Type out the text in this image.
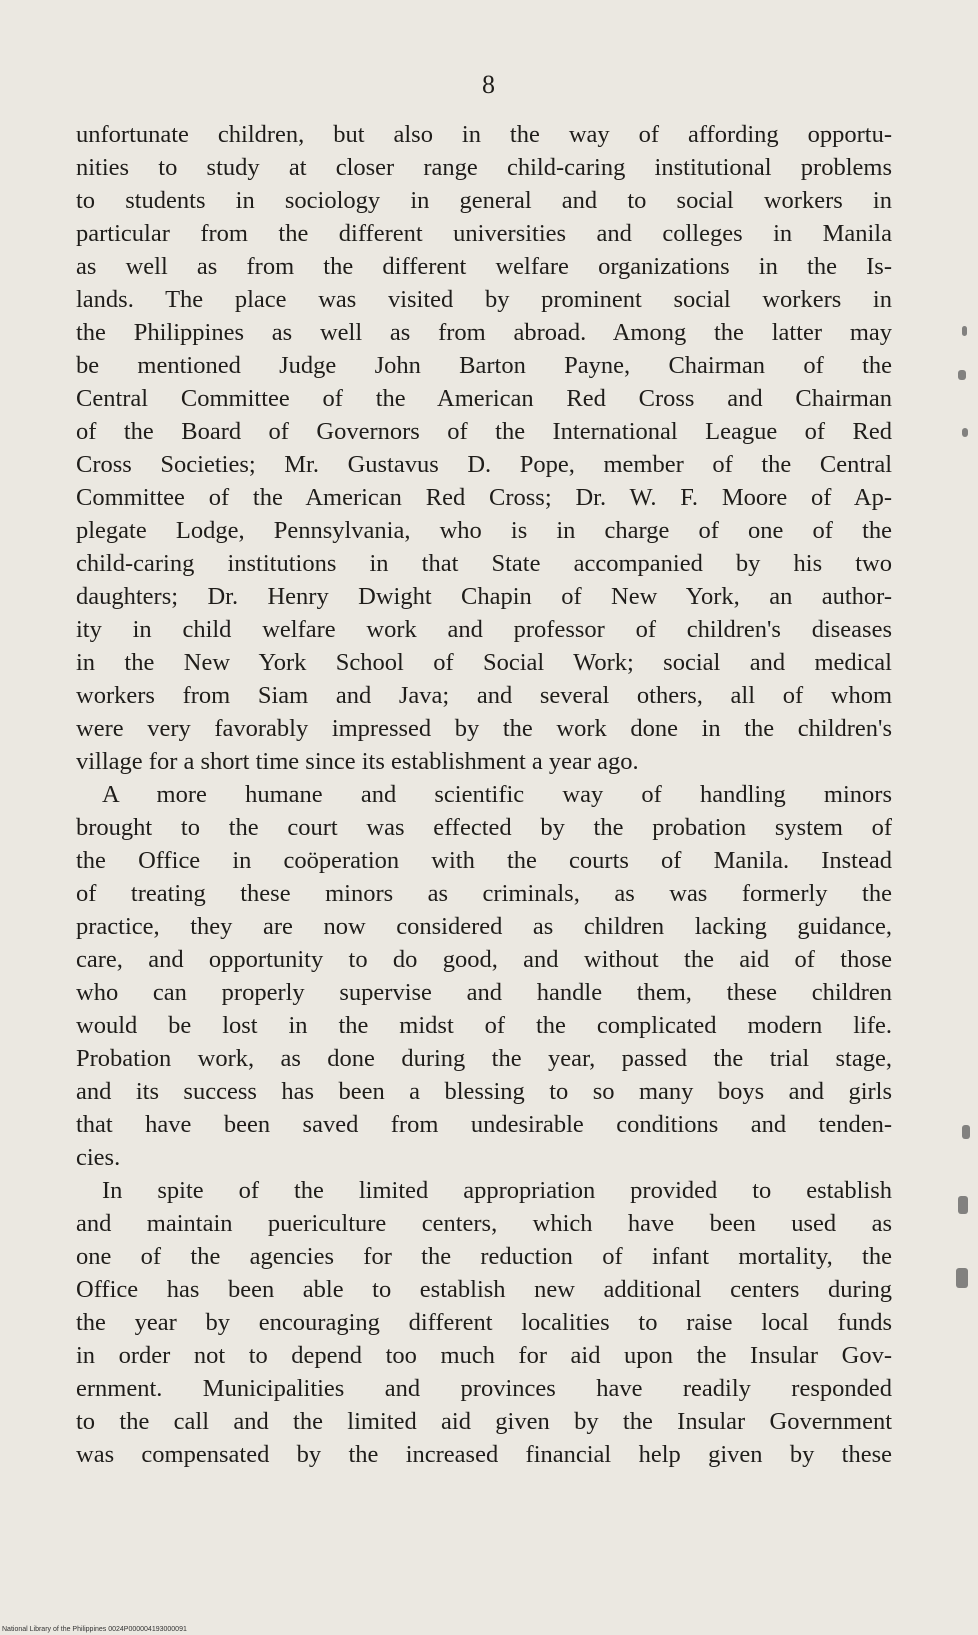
8
unfortunate children, but also in the way of affording opportu-
nities to study at closer range child-caring institutional problems
to students in sociology in general and to social workers in
particular from the different universities and colleges in Manila
as well as from the different welfare organizations in the Is-
lands. The place was visited by prominent social workers in
the Philippines as well as from abroad. Among the latter may
be mentioned Judge John Barton Payne, Chairman of the
Central Committee of the American Red Cross and Chairman
of the Board of Governors of the International League of Red
Cross Societies; Mr. Gustavus D. Pope, member of the Central
Committee of the American Red Cross; Dr. W. F. Moore of Ap-
plegate Lodge, Pennsylvania, who is in charge of one of the
child-caring institutions in that State accompanied by his two
daughters; Dr. Henry Dwight Chapin of New York, an author-
ity in child welfare work and professor of children's diseases
in the New York School of Social Work; social and medical
workers from Siam and Java; and several others, all of whom
were very favorably impressed by the work done in the children's
village for a short time since its establishment a year ago.
A more humane and scientific way of handling minors
brought to the court was effected by the probation system of
the Office in coöperation with the courts of Manila. Instead
of treating these minors as criminals, as was formerly the
practice, they are now considered as children lacking guidance,
care, and opportunity to do good, and without the aid of those
who can properly supervise and handle them, these children
would be lost in the midst of the complicated modern life.
Probation work, as done during the year, passed the trial stage,
and its success has been a blessing to so many boys and girls
that have been saved from undesirable conditions and tenden-
cies.
In spite of the limited appropriation provided to establish
and maintain puericulture centers, which have been used as
one of the agencies for the reduction of infant mortality, the
Office has been able to establish new additional centers during
the year by encouraging different localities to raise local funds
in order not to depend too much for aid upon the Insular Gov-
ernment. Municipalities and provinces have readily responded
to the call and the limited aid given by the Insular Government
was compensated by the increased financial help given by these
National Library of the Philippines 0024P000004193000091
